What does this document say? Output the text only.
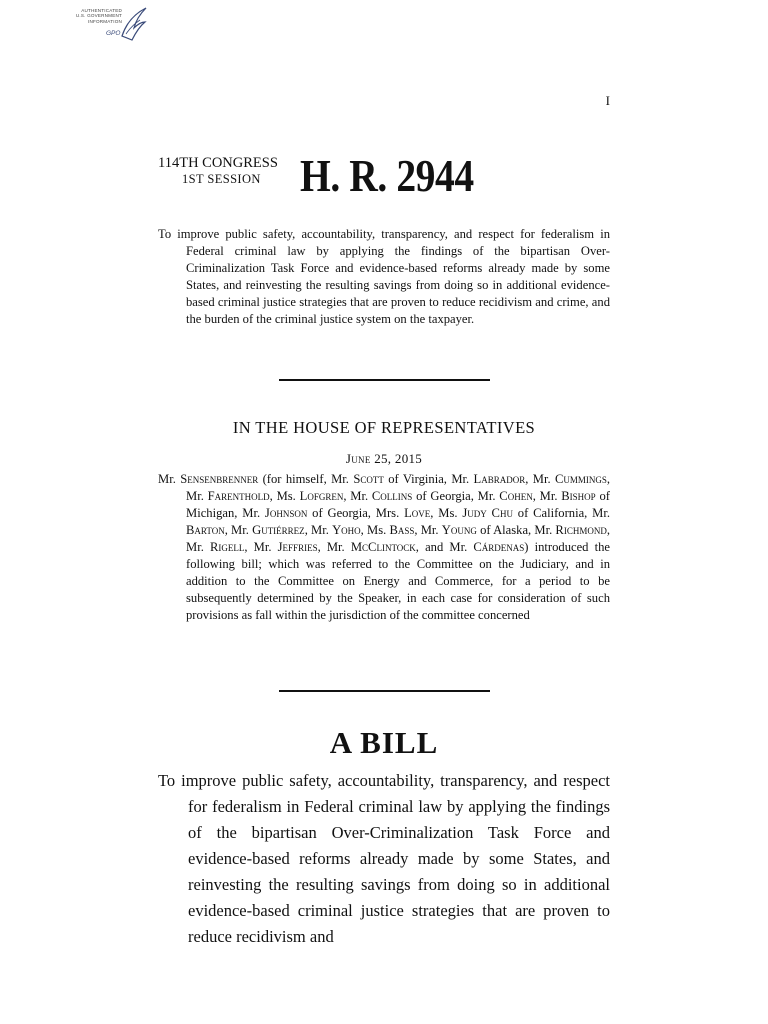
AUTHENTICATED
U.S. GOVERNMENT
INFORMATION
GPO
I
114TH CONGRESS
1ST SESSION H. R. 2944
To improve public safety, accountability, transparency, and respect for federalism in Federal criminal law by applying the findings of the bipartisan Over-Criminalization Task Force and evidence-based reforms already made by some States, and reinvesting the resulting savings from doing so in additional evidence-based criminal justice strategies that are proven to reduce recidivism and crime, and the burden of the criminal justice system on the taxpayer.
IN THE HOUSE OF REPRESENTATIVES
June 25, 2015
Mr. Sensenbrenner (for himself, Mr. Scott of Virginia, Mr. Labrador, Mr. Cummings, Mr. Farenthold, Ms. Lofgren, Mr. Collins of Georgia, Mr. Cohen, Mr. Bishop of Michigan, Mr. Johnson of Georgia, Mrs. Love, Ms. Judy Chu of California, Mr. Barton, Mr. Gutiérrez, Mr. Yoho, Ms. Bass, Mr. Young of Alaska, Mr. Richmond, Mr. Rigell, Mr. Jeffries, Mr. McClintock, and Mr. Cárdenas) introduced the following bill; which was referred to the Committee on the Judiciary, and in addition to the Committee on Energy and Commerce, for a period to be subsequently determined by the Speaker, in each case for consideration of such provisions as fall within the jurisdiction of the committee concerned
A BILL
To improve public safety, accountability, transparency, and respect for federalism in Federal criminal law by applying the findings of the bipartisan Over-Criminalization Task Force and evidence-based reforms already made by some States, and reinvesting the resulting savings from doing so in additional evidence-based criminal justice strategies that are proven to reduce recidivism and
